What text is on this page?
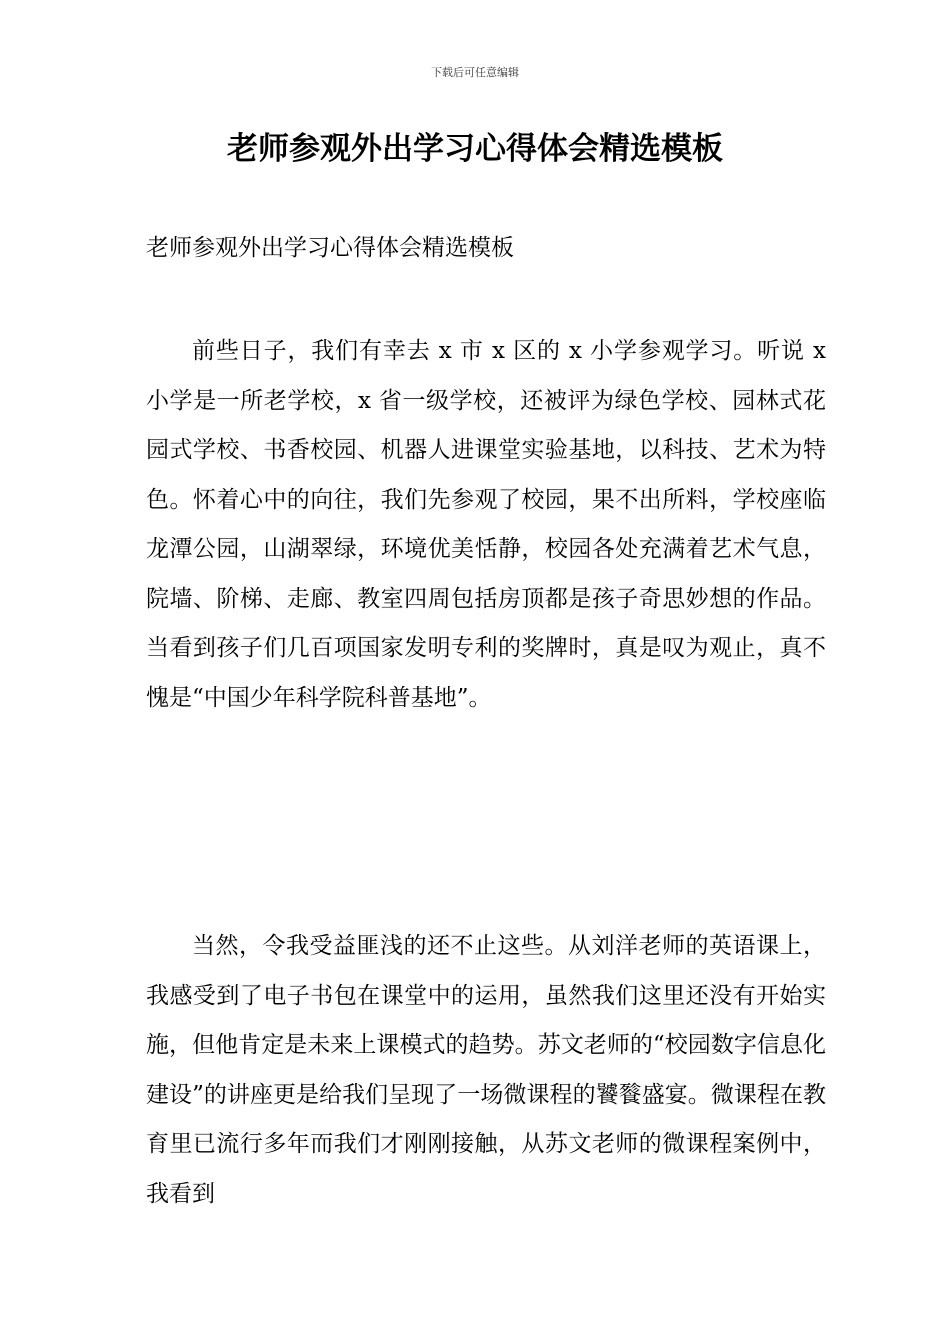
下载后可任意编辑
老师参观外出学习心得体会精选模板

老师参观外出学习心得体会精选模板

前些日子，我们有幸去 x 市 x 区的 x 小学参观学习。听说 x 小学是一所老学校，x 省一级学校，还被评为绿色学校、园林式花园式学校、书香校园、机器人进课堂实验基地，以科技、艺术为特色。怀着心中的向往，我们先参观了校园，果不出所料，学校座临龙潭公园，山湖翠绿，环境优美恬静，校园各处充满着艺术气息，院墙、阶梯、走廊、教室四周包括房顶都是孩子奇思妙想的作品。当看到孩子们几百项国家发明专利的奖牌时，真是叹为观止，真不愧是“中国少年科学院科普基地”。

当然，令我受益匪浅的还不止这些。从刘洋老师的英语课上，我感受到了电子书包在课堂中的运用，虽然我们这里还没有开始实施，但他肯定是未来上课模式的趋势。苏文老师的“校园数字信息化建设”的讲座更是给我们呈现了一场微课程的饕餮盛宴。微课程在教育里已流行多年而我们才刚刚接触，从苏文老师的微课程案例中，我看到
